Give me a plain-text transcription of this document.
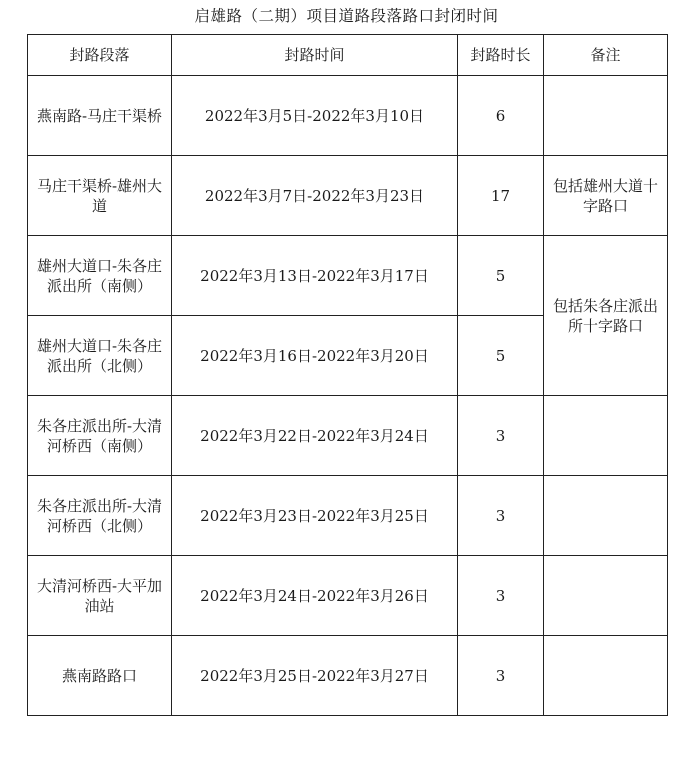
启雄路（二期）项目道路段落路口封闭时间
封路段落	封路时间	封路时长	备注
燕南路-马庄干渠桥	2022年3月5日-2022年3月10日	6	
马庄干渠桥-雄州大道	2022年3月7日-2022年3月23日	17	包括雄州大道十字路口
雄州大道口-朱各庄派出所（南侧）	2022年3月13日-2022年3月17日	5	包括朱各庄派出所十字路口
雄州大道口-朱各庄派出所（北侧）	2022年3月16日-2022年3月20日	5	
朱各庄派出所-大清河桥西（南侧）	2022年3月22日-2022年3月24日	3	
朱各庄派出所-大清河桥西（北侧）	2022年3月23日-2022年3月25日	3	
大清河桥西-大平加油站	2022年3月24日-2022年3月26日	3	
燕南路路口	2022年3月25日-2022年3月27日	3	
